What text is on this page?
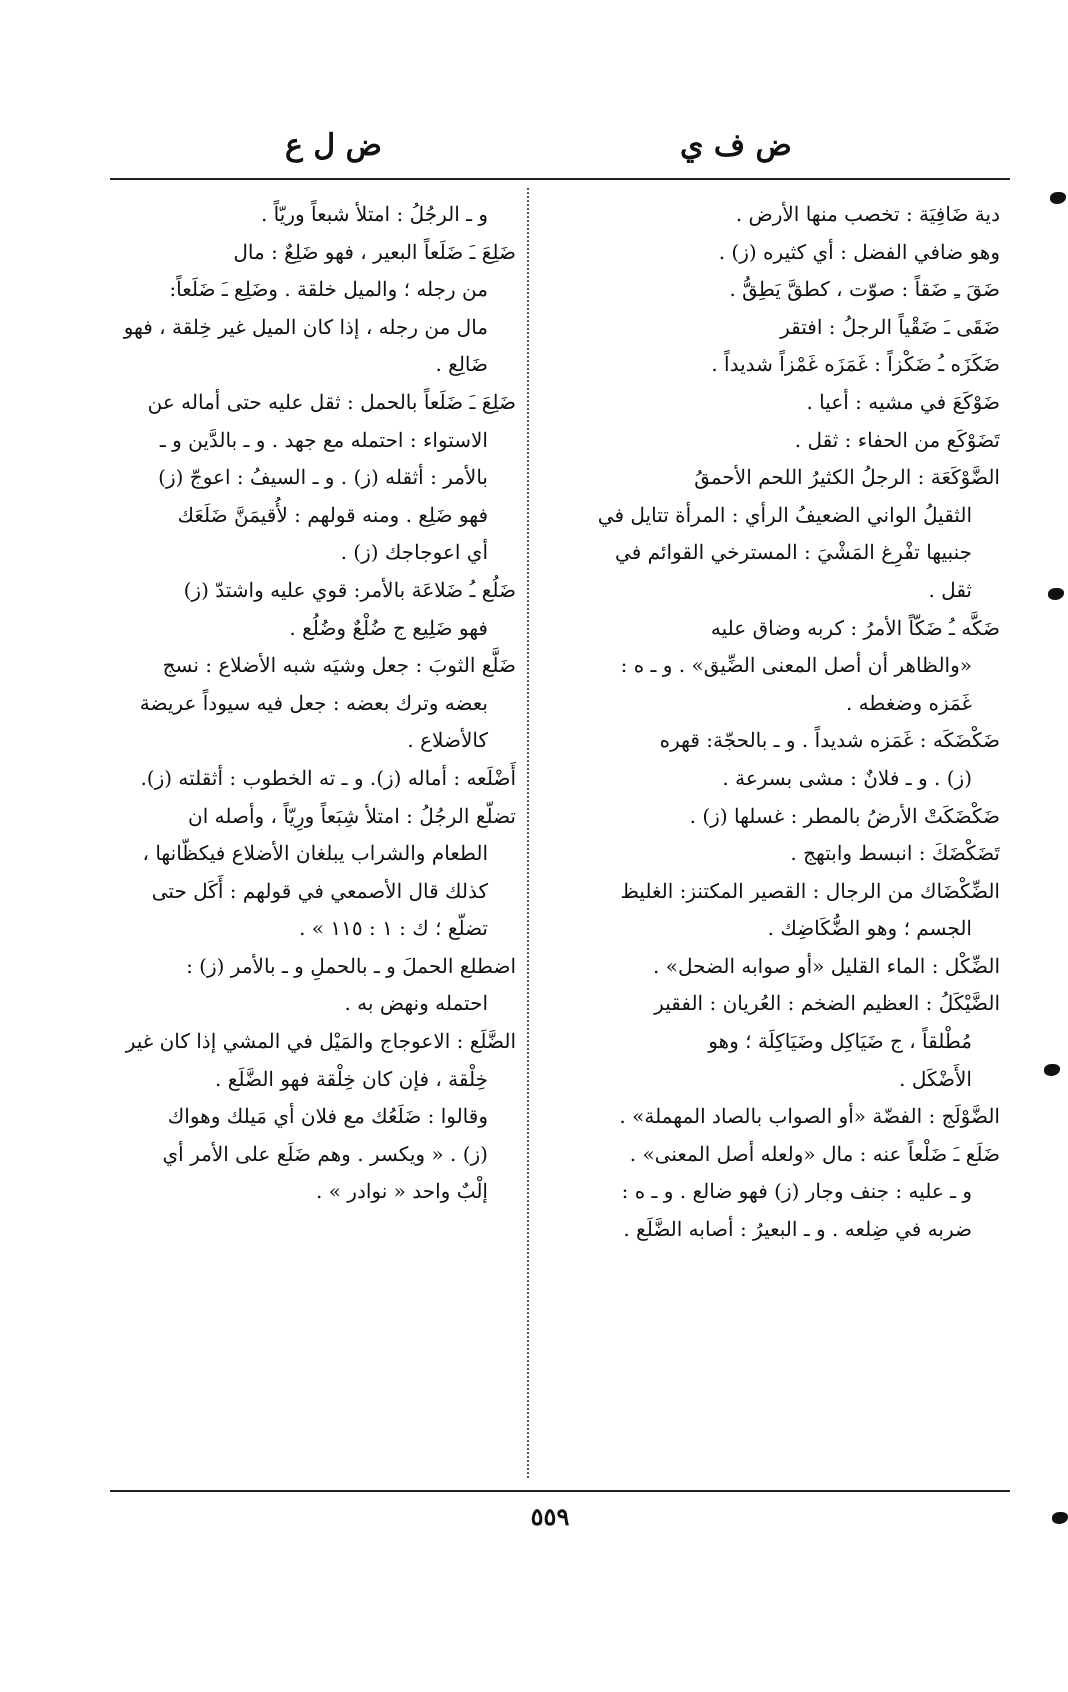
ض ف ي
ض ل ع
دية ضَافِيَة : تخصب منها الأرض .
وهو ضافي الفضل : أي كثيره (ز) .
ضَقَ ـِ ضَقاً : صوّت ، كطقَّ يَطِقُّ .
ضَقَى ـَ ضَقْياً الرجلُ : افتقر
ضَكَزَه ـُ ضَكْزاً : غَمَزَه غَمْزاً شديداً .
ضَوْكَعَ في مشيه : أعيا .
تَضَوْكَع من الحفاء : ثقل .
الضَّوْكَعَة : الرجلُ الكثيرُ اللحم الأحمقُ
الثقيلُ الواني الضعيفُ الرأي : المرأة تتايل في
جنبيها تفْرِغ المَشْيَ : المسترخي القوائم في
ثقل .
ضَكَّه ـُ ضَكّاً الأمرُ : كربه وضاق عليه
«والظاهر أن أصل المعنى الضِّيق» . و ـ ه :
غَمَزه وضغطه .
ضَكْضَكَه : غَمَزه شديداً . و ـ بالحجّة: قهره
(ز) . و ـ فلانٌ : مشى بسرعة .
ضَكْضَكَتْ الأرضُ بالمطر : غسلها (ز) .
تَضَكْضَكَ : انبسط وابتهج .
الضِّكْضَاك من الرجال : القصير المكتنز: الغليظ
الجسم ؛ وهو الضُّكَاضِك .
الضِّكْل : الماء القليل «أو صوابه الضحل» .
الضَّيْكَلُ : العظيم الضخم : العُريان : الفقير
مُطْلقاً ، ج ضَيَاكِل وضَيَاكِلَة ؛ وهو
الأَضْكَل .
الضَّوْلَج : الفضّة «أو الصواب بالصاد المهملة» .
ضَلَع ـَ ضَلْعاً عنه : مال «ولعله أصل المعنى» .
و ـ عليه : جنف وجار (ز) فهو ضالع . و ـ ه :
ضربه في ضِلعه . و ـ البعيرُ : أصابه الضَّلَع .
و ـ الرجُلُ : امتلأ شبعاً وريّاً .
ضَلِعَ ـَ ضَلَعاً البعير ، فهو ضَلِعٌ : مال
من رجله ؛ والميل خلقة . وضَلِع ـَ ضَلَعاً:
مال من رجله ، إذا كان الميل غير خِلقة ، فهو
ضَالِع .
ضَلِعَ ـَ ضَلَعاً بالحمل : ثقل عليه حتى أماله عن
الاستواء : احتمله مع جهد . و ـ بالدَّين و ـ
بالأمر : أثقله (ز) . و ـ السيفُ : اعوجّ (ز)
فهو ضَلِع . ومنه قولهم : لأُقيمَنَّ ضَلَعَك
أي اعوجاجك (ز) .
ضَلُع ـُ ضَلاعَة بالأمر: قوي عليه واشتدّ (ز)
فهو ضَلِيع ج ضُلْعٌ وضُلُع .
ضَلَّع الثوبَ : جعل وشيَه شبه الأضلاع : نسج
بعضه وترك بعضه : جعل فيه سيوداً عريضة
كالأضلاع .
أَضْلَعه : أماله (ز). و ـ ته الخطوب : أثقلته (ز).
تضلّع الرجُلُ : امتلأ شِبَعاً ورِيّاً ، وأصله ان
الطعام والشراب يبلغان الأضلاع فيكظّانها ،
كذلك قال الأصمعي في قولهم : أَكَل حتى
تضلّع ؛ ك : ١ : ١١٥ » .
اضطلع الحملَ و ـ بالحملِ و ـ بالأمر (ز) :
احتمله ونهض به .
الضَّلَع : الاعوجاج والمَيْل في المشي إذا كان غير
خِلْقة ، فإن كان خِلْقة فهو الضَّلَع .
وقالوا : ضَلَعُك مع فلان أي مَيلك وهواك
(ز) . « ويكسر . وهم ضَلَع على الأمر أي
إلْبٌ واحد « نوادر » .
٥٥٩
